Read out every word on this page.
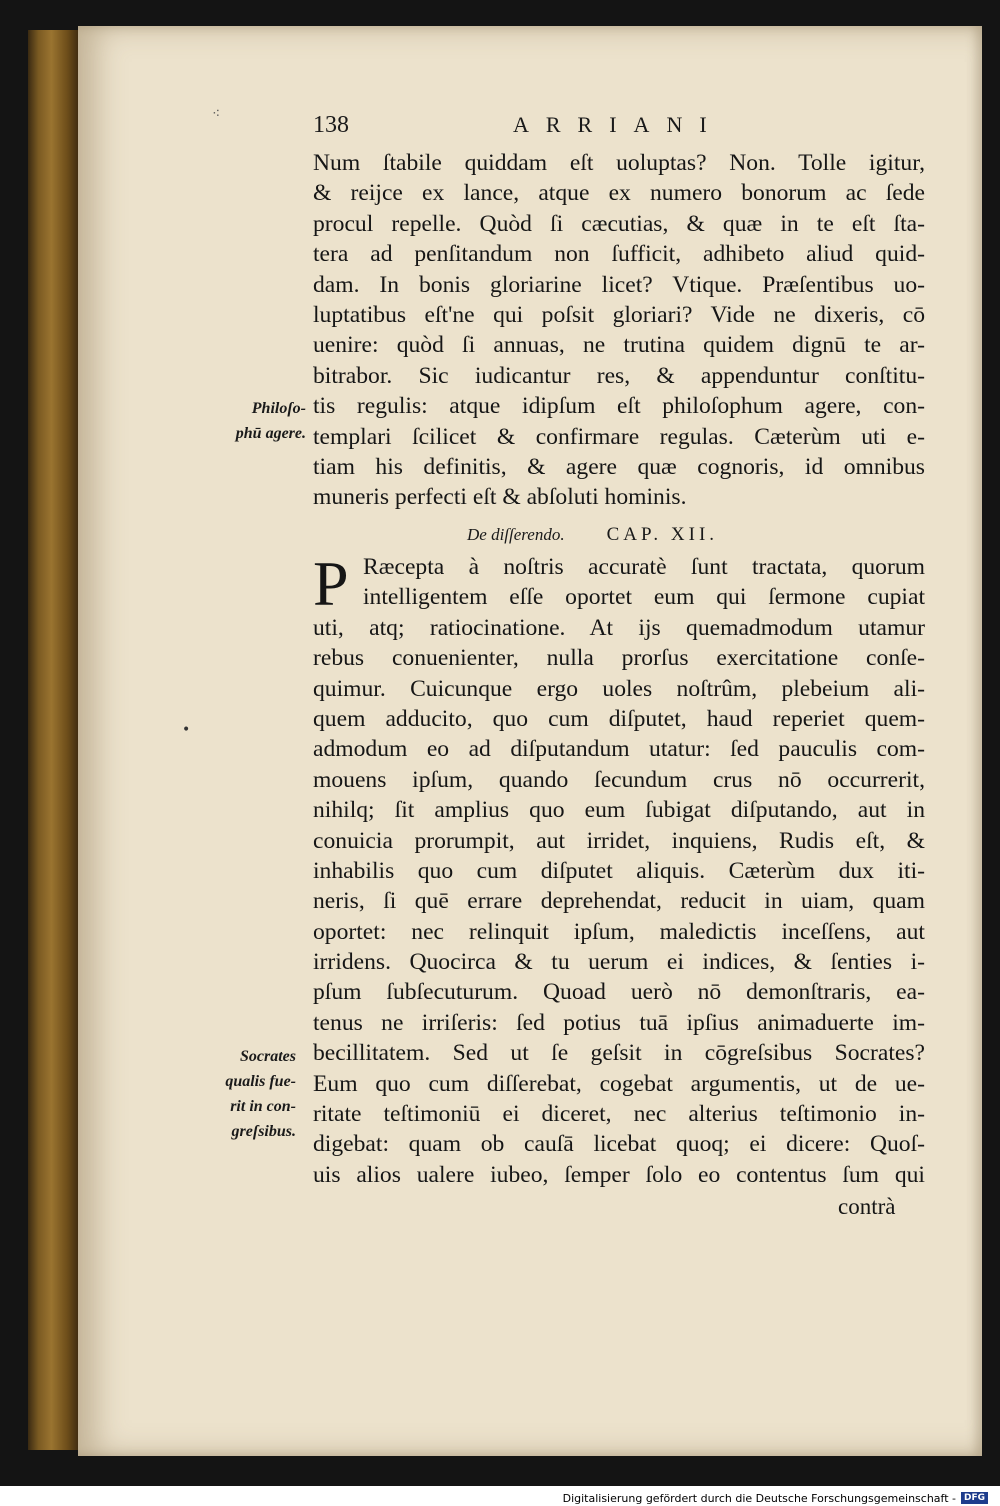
⁖
•
138	ARRIANI
Num ſtabile quiddam eſt uoluptas? Non. Tolle igitur,
& reijce ex lance, atque ex numero bonorum ac ſede
procul repelle. Quòd ſi cæcutias, & quæ in te eſt ſta-
tera ad penſitandum non ſufficit, adhibeto aliud quid-
dam. In bonis gloriarine licet? Vtique. Præſentibus uo-
luptatibus eſt'ne qui poſsit gloriari? Vide ne dixeris, cō
uenire: quòd ſi annuas, ne trutina quidem dignū te ar-
bitrabor. Sic iudicantur res, & appenduntur conſtitu-
tis regulis: atque idipſum eſt philoſophum agere, con-
templari ſcilicet & confirmare regulas. Cæterùm uti e-
tiam his definitis, & agere quæ cognoris, id omnibus
muneris perfecti eſt & abſoluti hominis.
De diſſerendo. CAP. XII.
P Ræcepta à noſtris accuratè ſunt tractata, quorum
intelligentem eſſe oportet eum qui ſermone cupiat
uti, atq; ratiocinatione. At ijs quemadmodum utamur
rebus conuenienter, nulla prorſus exercitatione conſe-
quimur. Cuicunque ergo uoles noſtrûm, plebeium ali-
quem adducito, quo cum diſputet, haud reperiet quem-
admodum eo ad diſputandum utatur: ſed pauculis com-
mouens ipſum, quando ſecundum crus nō occurrerit,
nihilq; ſit amplius quo eum ſubigat diſputando, aut in
conuicia prorumpit, aut irridet, inquiens, Rudis eſt, &
inhabilis quo cum diſputet aliquis. Cæterùm dux iti-
neris, ſi quē errare deprehendat, reducit in uiam, quam
oportet: nec relinquit ipſum, maledictis inceſſens, aut
irridens. Quocirca & tu uerum ei indices, & ſenties i-
pſum ſubſecuturum. Quoad uerò nō demonſtraris, ea-
tenus ne irriſeris: ſed potius tuā ipſius animaduerte im-
becillitatem. Sed ut ſe geſsit in cōgreſsibus Socrates?
Eum quo cum diſſerebat, cogebat argumentis, ut de ue-
ritate teſtimoniū ei diceret, nec alterius teſtimonio in-
digebat: quam ob cauſā licebat quoq; ei dicere: Quoſ-
uis alios ualere iubeo, ſemper ſolo eo contentus ſum qui
contrà
Philoſo-
phū agere.
Socrates
qualis fue-
rit in con-
greſsibus.
Digitalisierung gefördert durch die Deutsche Forschungsgemeinschaft - DFG
